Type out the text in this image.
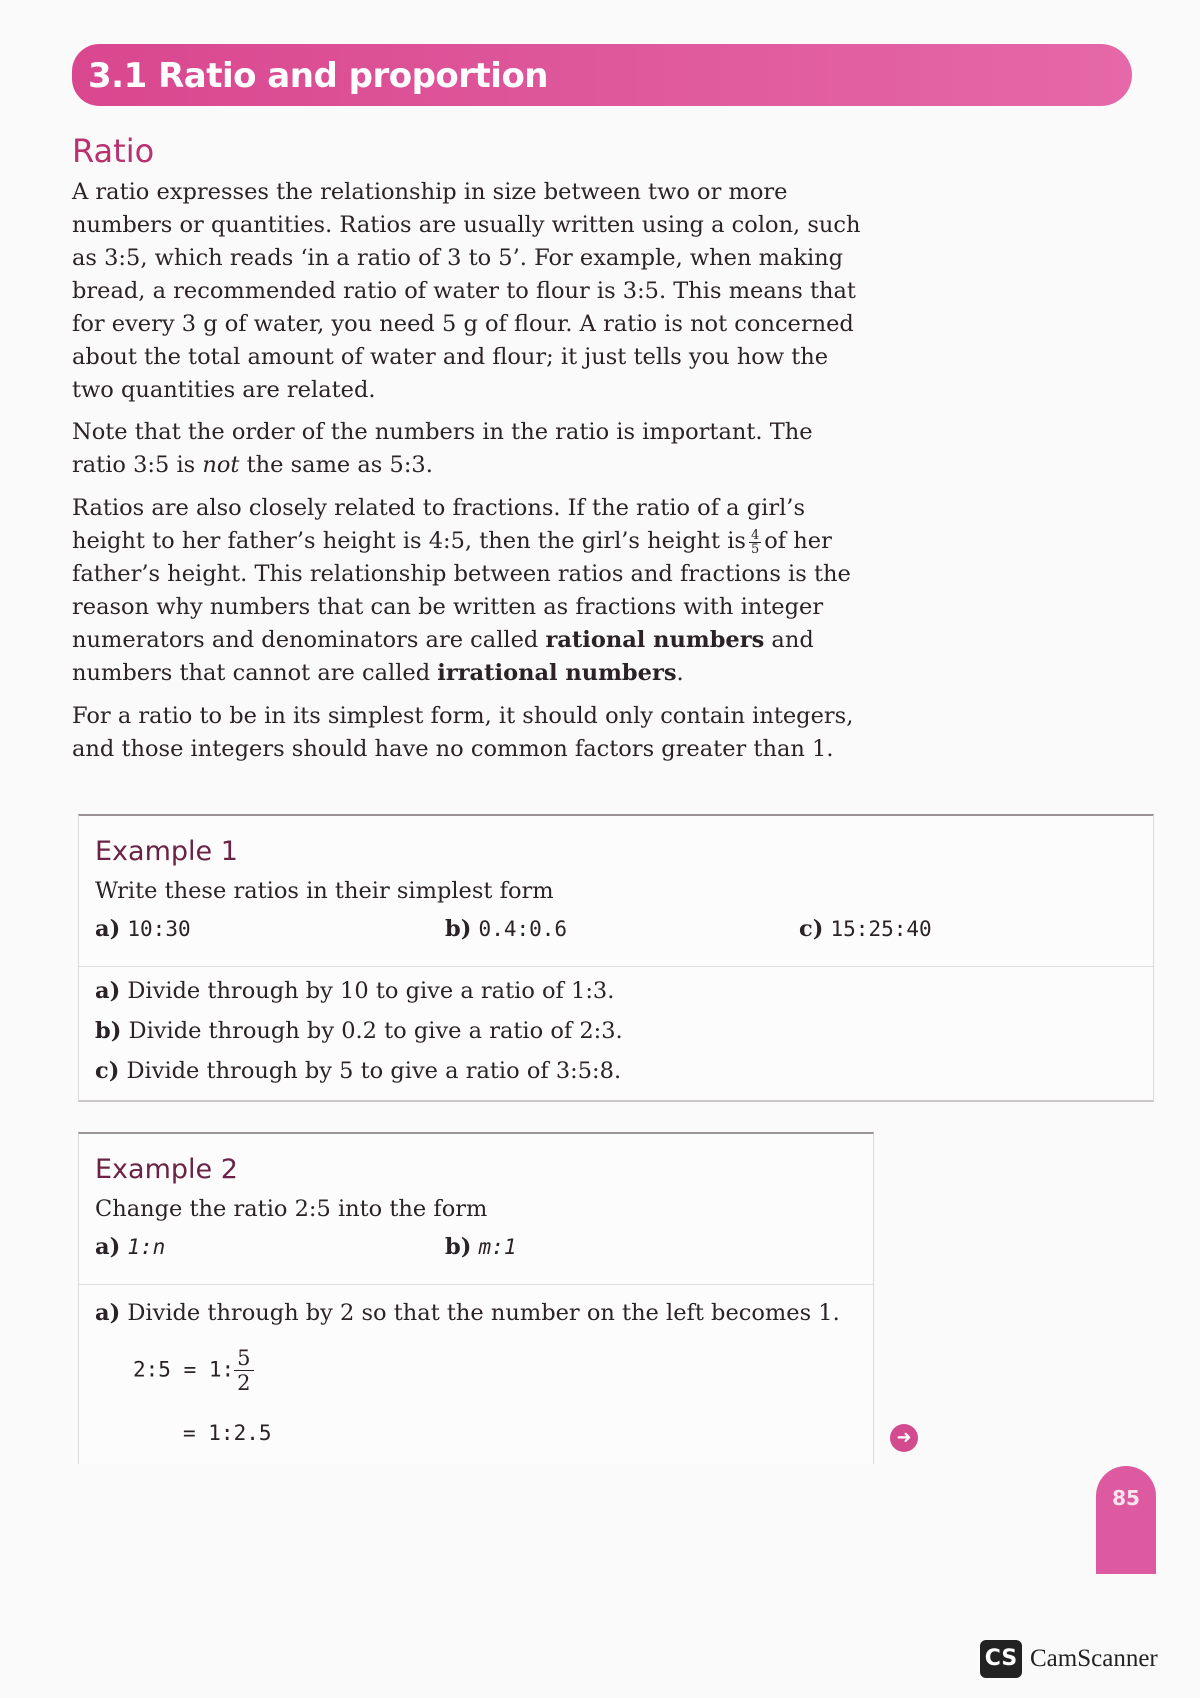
3.1 Ratio and proportion
Ratio

A ratio expresses the relationship in size between two or more numbers or quantities. Ratios are usually written using a colon, such as 3:5, which reads ‘in a ratio of 3 to 5’. For example, when making bread, a recommended ratio of water to flour is 3:5. This means that for every 3 g of water, you need 5 g of flour. A ratio is not concerned about the total amount of water and flour; it just tells you how the two quantities are related.

Note that the order of the numbers in the ratio is important. The ratio 3:5 is not the same as 5:3.

Ratios are also closely related to fractions. If the ratio of a girl’s height to her father’s height is 4:5, then the girl’s height is $\frac{4}{5}$ of her father’s height. This relationship between ratios and fractions is the reason why numbers that can be written as fractions with integer numerators and denominators are called rational numbers and numbers that cannot are called irrational numbers.

For a ratio to be in its simplest form, it should only contain integers, and those integers should have no common factors greater than 1.

Example 1
Write these ratios in their simplest form
a) 10:30	b) 0.4:0.6	c) 15:25:40
a) Divide through by 10 to give a ratio of 1:3.
b) Divide through by 0.2 to give a ratio of 2:3.
c) Divide through by 5 to give a ratio of 3:5:8.
Example 2
Change the ratio 2:5 into the form
a) 1:n	b) m:1
a) Divide through by 2 so that the number on the left becomes 1.
2:5 = 1: $\frac{5}{2}$
= 1:2.5	➜
85
CS CamScanner
